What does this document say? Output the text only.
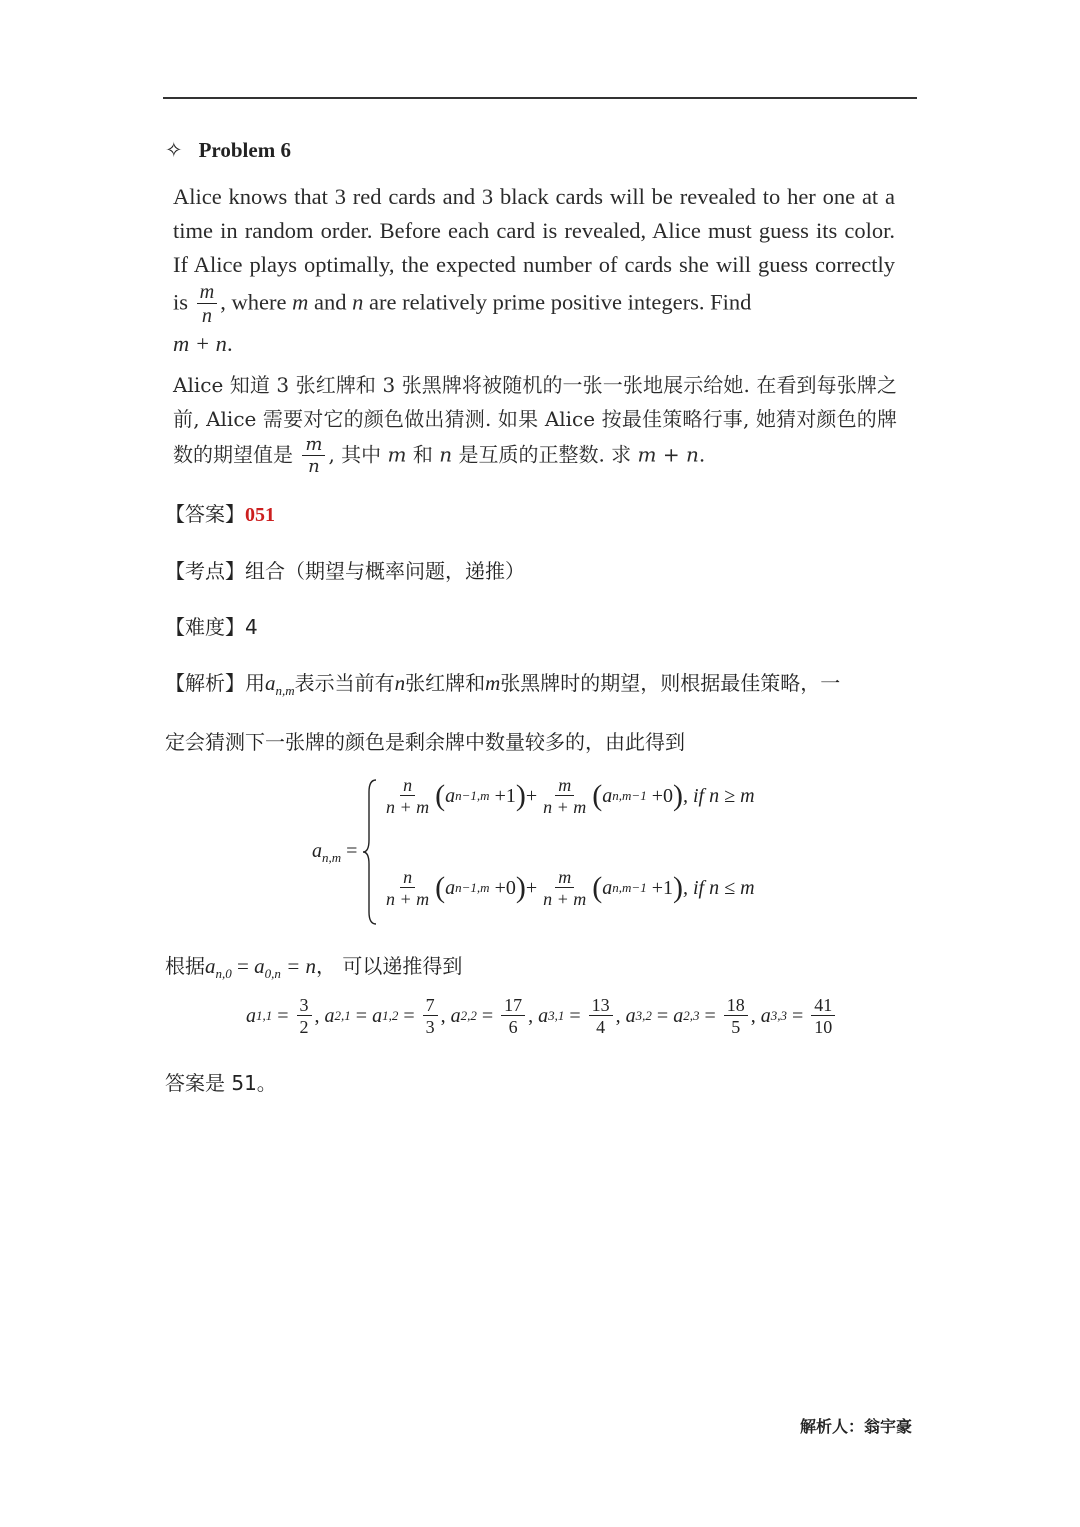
✧ Problem 6
Alice knows that 3 red cards and 3 black cards will be revealed to her one at a time in random order. Before each card is revealed, Alice must guess its color. If Alice plays optimally, the expected number of cards she will guess correctly is $\frac{m}{n}$ , where m and n are relatively prime positive integers. Find
m + n.
Alice 知道 3 张红牌和 3 张黑牌将被随机的一张一张地展示给她. 在看到每张牌之前, Alice 需要对它的颜色做出猜测. 如果 Alice 按最佳策略行事, 她猜对颜色的牌数的期望值是 $\frac{m}{n}$ , 其中 m 和 n 是互质的正整数. 求 m + n.
【答案】051
【考点】组合（期望与概率问题，递推）
【难度】4
【解析】用$a_{n,m}$表示当前有n张红牌和m张黑牌时的期望，则根据最佳策略，一
定会猜测下一张牌的颜色是剩余牌中数量较多的，由此得到
$a_{n,m}$ =
$\frac{n}{n + m}$ ( a n−1,m
+1 ) + $\frac{m}{n + m}$ ( a n,m−1
+0 ) , if n ≥ m
$\frac{n}{n + m}$ ( a n−1,m
+0 ) + $\frac{m}{n + m}$ ( a n,m−1
+1 ) , if n ≤ m
根据$a_{n,0} = a_{0,n} = n$， 可以递推得到
a $1,1 = \frac{3}{2}$ , a 2,1 = a $1,2 = \frac{7}{3}$ , a $2,2 = \frac{17}{6}$ , a $3,1 = \frac{13}{4}$ , a 3,2 = a $2,3 = \frac{18}{5}$ , a $3,3 = \frac{41}{10}$
答案是 51。
解析人：翁宇豪
